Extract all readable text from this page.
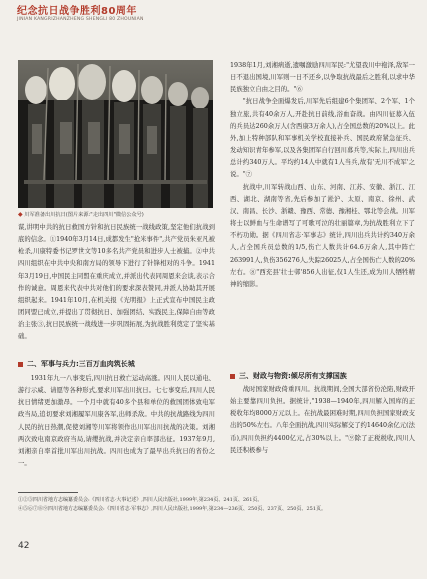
纪念抗日战争胜利80周年
JINIAN KANGRIZHANZHENG SHENGLI 80 ZHOUNIAN
◆ 川军准备出川抗日(图片来源:"走出四川"微信公众号)

谋,讲明中共的抗日救国方针和抗日民族统一战线政策,坚定他们抗战到底的信念。①1940年3月14日,成都发生"抢米事件",共产党员朱亚凡被枪杀,川康特委书记罗世文等10多名共产党员和进步人士被捕。②中共四川组织在中共中央和南方局的领导下进行了针锋相对的斗争。1941年3月19日,中国民主同盟在重庆成立,并派出代表同周恩来会谈,表示合作的诚意。周恩来代表中共对他们的要求深表赞同,并派人协助其开展组织起来。1941年10月,在机关报《光明报》上正式宣布中国民主政团同盟已成立,并提出了贯彻抗日、加强团结、实践民主,保障自由等政治主张③,抗日民族统一战线进一步巩固拓展,为抗战胜利奠定了坚实基础。

二、军事与兵力:三百万血肉筑长城

1931年九一八事变后,四川抗日救亡运动高涨。四川人民以通电、游行示威、请愿等各种形式,要求川军出川抗日。七七事变后,四川人民抗日情绪更加激昂。一个月中就有40多个县和单位的救国团体致电军政当局,追切要求刘湘履军川康各军,出师杀敌。中共的抗战路线为四川人民的抗日热潮,促使刘湘等川军将领作出川军出川抗战的决策。刘湘两次致电南京政府当局,请缨抗战,并决定亲自率部出征。1937年9月,刘湘亲自率首批川军出川抗战。四川也成为了最早出兵抗日的省份之一。

1938年1月,刘湘病逝,遗嘱激励四川军民:"尤望我川中袍泽,敌军一日不退出国境,川军则一日不还乡,以争取抗战最后之胜利,以求中华民族独立自由之目的。"⑥

"抗日战争全面爆发后,川军先后组建6个集团军、2个军、1个独立旅,共有40余万人,开赴抗日前线,浴血奋战。由四川征募入伍的兵员达260余万人(含西康3万余人),占全国总数的20%以上。此外,加上特种部队和军事机关学校直接补兵、国民政府紧急征兵、发动知识青年参军,以及各集团军自行回川募兵等,实际上,四川出兵总计约340万人。平均约14人中就有1人当兵,故有'无川不成军'之说。"⑦

抗战中,川军转战山西、山东、河南、江苏、安徽、浙江、江西、湖北、湖南等省,先后参加了淞沪、太原、南京、徐州、武汉、南昌、长沙、浙赣、豫西、常德、豫湘桂、鄂北等会战。川军将士以鲜血与生命谱写了可歌可泣的壮丽篇章,为抗战胜利立下了不朽功勋。据《四川省志·军事志》统计,四川出兵共计约340万余人,占全国兵员总数的1/5,伤亡人数共计64.6万余人,其中阵亡263991人,负伤356276人,失踪26025人,占全国伤亡人数的20%左右。⑧"西充县'壮士邨'856人出征,仅1人生还,成为川人牺牲精神的缩影。

三、财政与物资:倾尽所有支撑国族

战时国家财政倚重四川。抗战期间,全国大部省份沦陷,财政开始主要靠四川负担。据统计,"1938—1940年,四川解入国库的正税收年均8000万元以上。在抗战最困难时期,四川负担国家财政支出的50%左右。八年全面抗战,四川实际解交了约14640余亿元(法币),四川负担约4400亿元,占30%以上。"⑨除了正税税收,四川人民还积极参与

①②③四川省地方志编纂委员会:《四川省志·大事记述》,四川人民出版社,1999年,第234页、241页、261页。
④⑤⑥⑦⑧⑨四川省地方志编纂委员会:《四川省志·军事志》,四川人民出版社,1999年,第234—236页、250页、237页、250页、251页。
42
